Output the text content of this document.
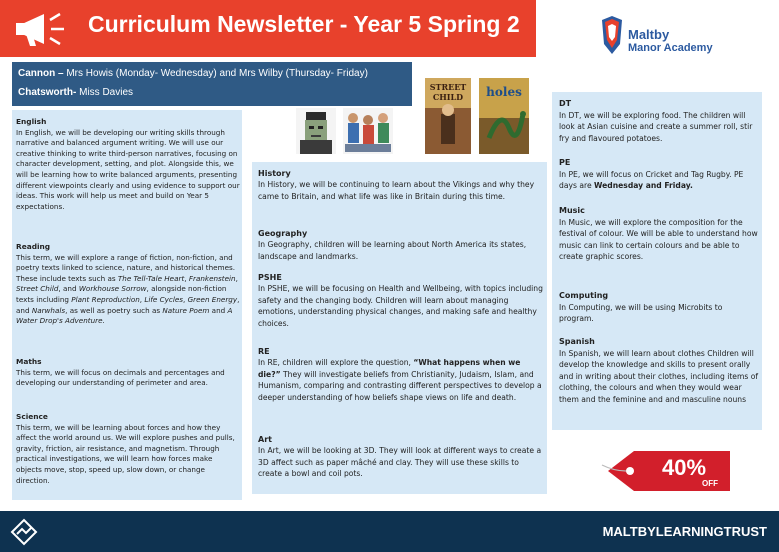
Curriculum Newsletter - Year 5 Spring 2	Maltby
Manor Academy
Cannon – Mrs Howis (Monday- Wednesday) and Mrs Wilby (Thursday- Friday)
Chatsworth- Miss Davies	STREET
CHILD holes
English

In English, we will be developing our writing skills through narrative and balanced argument writing. We will use our creative thinking to write third-person narratives, focusing on character development, setting, and plot. Alongside this, we will be learning how to write balanced arguments, presenting different viewpoints clearly and using evidence to support our ideas. This work will help us meet and build on Year 5 expectations.

Reading

This term, we will explore a range of fiction, non-fiction, and poetry texts linked to science, nature, and historical themes. These include texts such as The Tell-Tale Heart, Frankenstein, Street Child, and Workhouse Sorrow, alongside non-fiction texts including Plant Reproduction, Life Cycles, Green Energy, and Narwhals, as well as poetry such as Nature Poem and A Water Drop's Adventure.

Maths

This term, we will focus on decimals and percentages and developing our understanding of perimeter and area.

Science

This term, we will be learning about forces and how they affect the world around us. We will explore pushes and pulls, gravity, friction, air resistance, and magnetism. Through practical investigations, we will learn how forces make objects move, stop, speed up, slow down, or change direction.

History

In History, we will be continuing to learn about the Vikings and why they came to Britain, and what life was like in Britain during this time.

Geography

In Geography, children will be learning about North America its states, landscape and landmarks.

PSHE

In PSHE, we will be focusing on Health and Wellbeing, with topics including safety and the changing body. Children will learn about managing emotions, understanding physical changes, and making safe and healthy choices.

RE

In RE, children will explore the question, “What happens when we die?” They will investigate beliefs from Christianity, Judaism, Islam, and Humanism, comparing and contrasting different perspectives to develop a deeper understanding of how beliefs shape views on life and death.

Art

In Art, we will be looking at 3D. They will look at different ways to create a 3D affect such as paper mâché and clay. They will use these skills to create a bowl and coil pots.

DT

In DT, we will be exploring food. The children will look at Asian cuisine and create a summer roll, stir fry and flavoured potatoes.

PE

In PE, we will focus on Cricket and Tag Rugby. PE days are Wednesday and Friday.

Music

In Music, we will explore the composition for the festival of colour. We will be able to understand how music can link to certain colours and be able to create graphic scores.

Computing

In Computing, we will be using Microbits to program.

Spanish

In Spanish, we will learn about clothes Children will develop the knowledge and skills to present orally and in writing about their clothes, including items of clothing, the colours and when they would wear them and the feminine and and masculine nouns

40%
OFF
MALTBYLEARNINGTRUST
